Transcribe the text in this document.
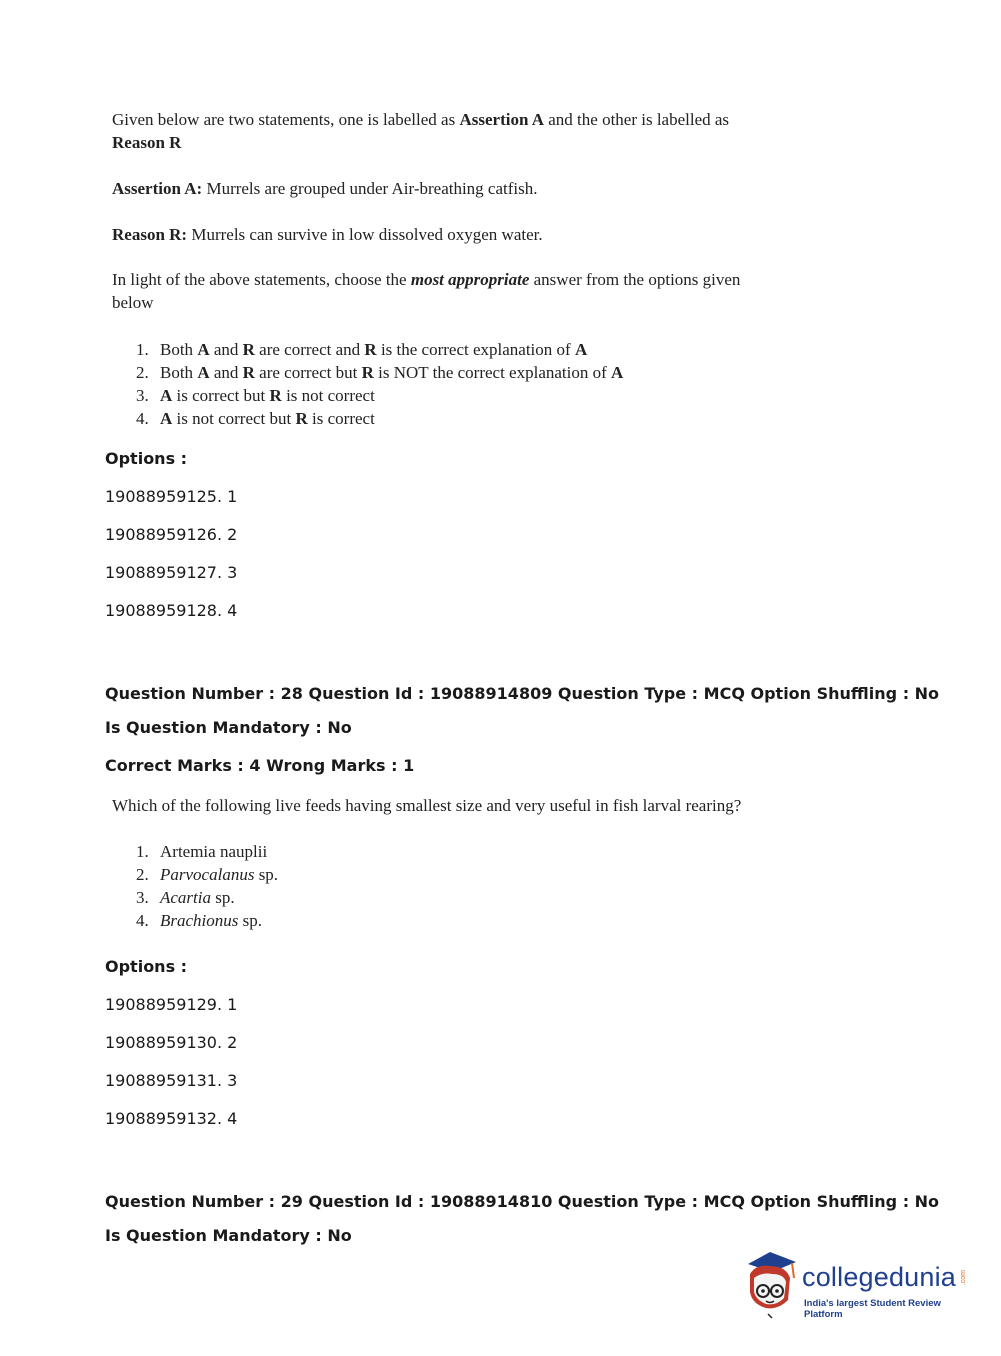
Given below are two statements, one is labelled as Assertion A and the other is labelled as
Reason R
Assertion A: Murrels are grouped under Air-breathing catfish.
Reason R: Murrels can survive in low dissolved oxygen water.
In light of the above statements, choose the most appropriate answer from the options given
below
1. Both A and R are correct and R is the correct explanation of A
2. Both A and R are correct but R is NOT the correct explanation of A
3. A is correct but R is not correct
4. A is not correct but R is correct
Options :
19088959125. 1
19088959126. 2
19088959127. 3
19088959128. 4
Question Number : 28 Question Id : 19088914809 Question Type : MCQ Option Shuffling : No
Is Question Mandatory : No
Correct Marks : 4 Wrong Marks : 1
Which of the following live feeds having smallest size and very useful in fish larval rearing?
1. Artemia nauplii
2. Parvocalanus sp.
3. Acartia sp.
4. Brachionus sp.
Options :
19088959129. 1
19088959130. 2
19088959131. 3
19088959132. 4
Question Number : 29 Question Id : 19088914810 Question Type : MCQ Option Shuffling : No
Is Question Mandatory : No
collegedunia .com
India's largest Student Review Platform
